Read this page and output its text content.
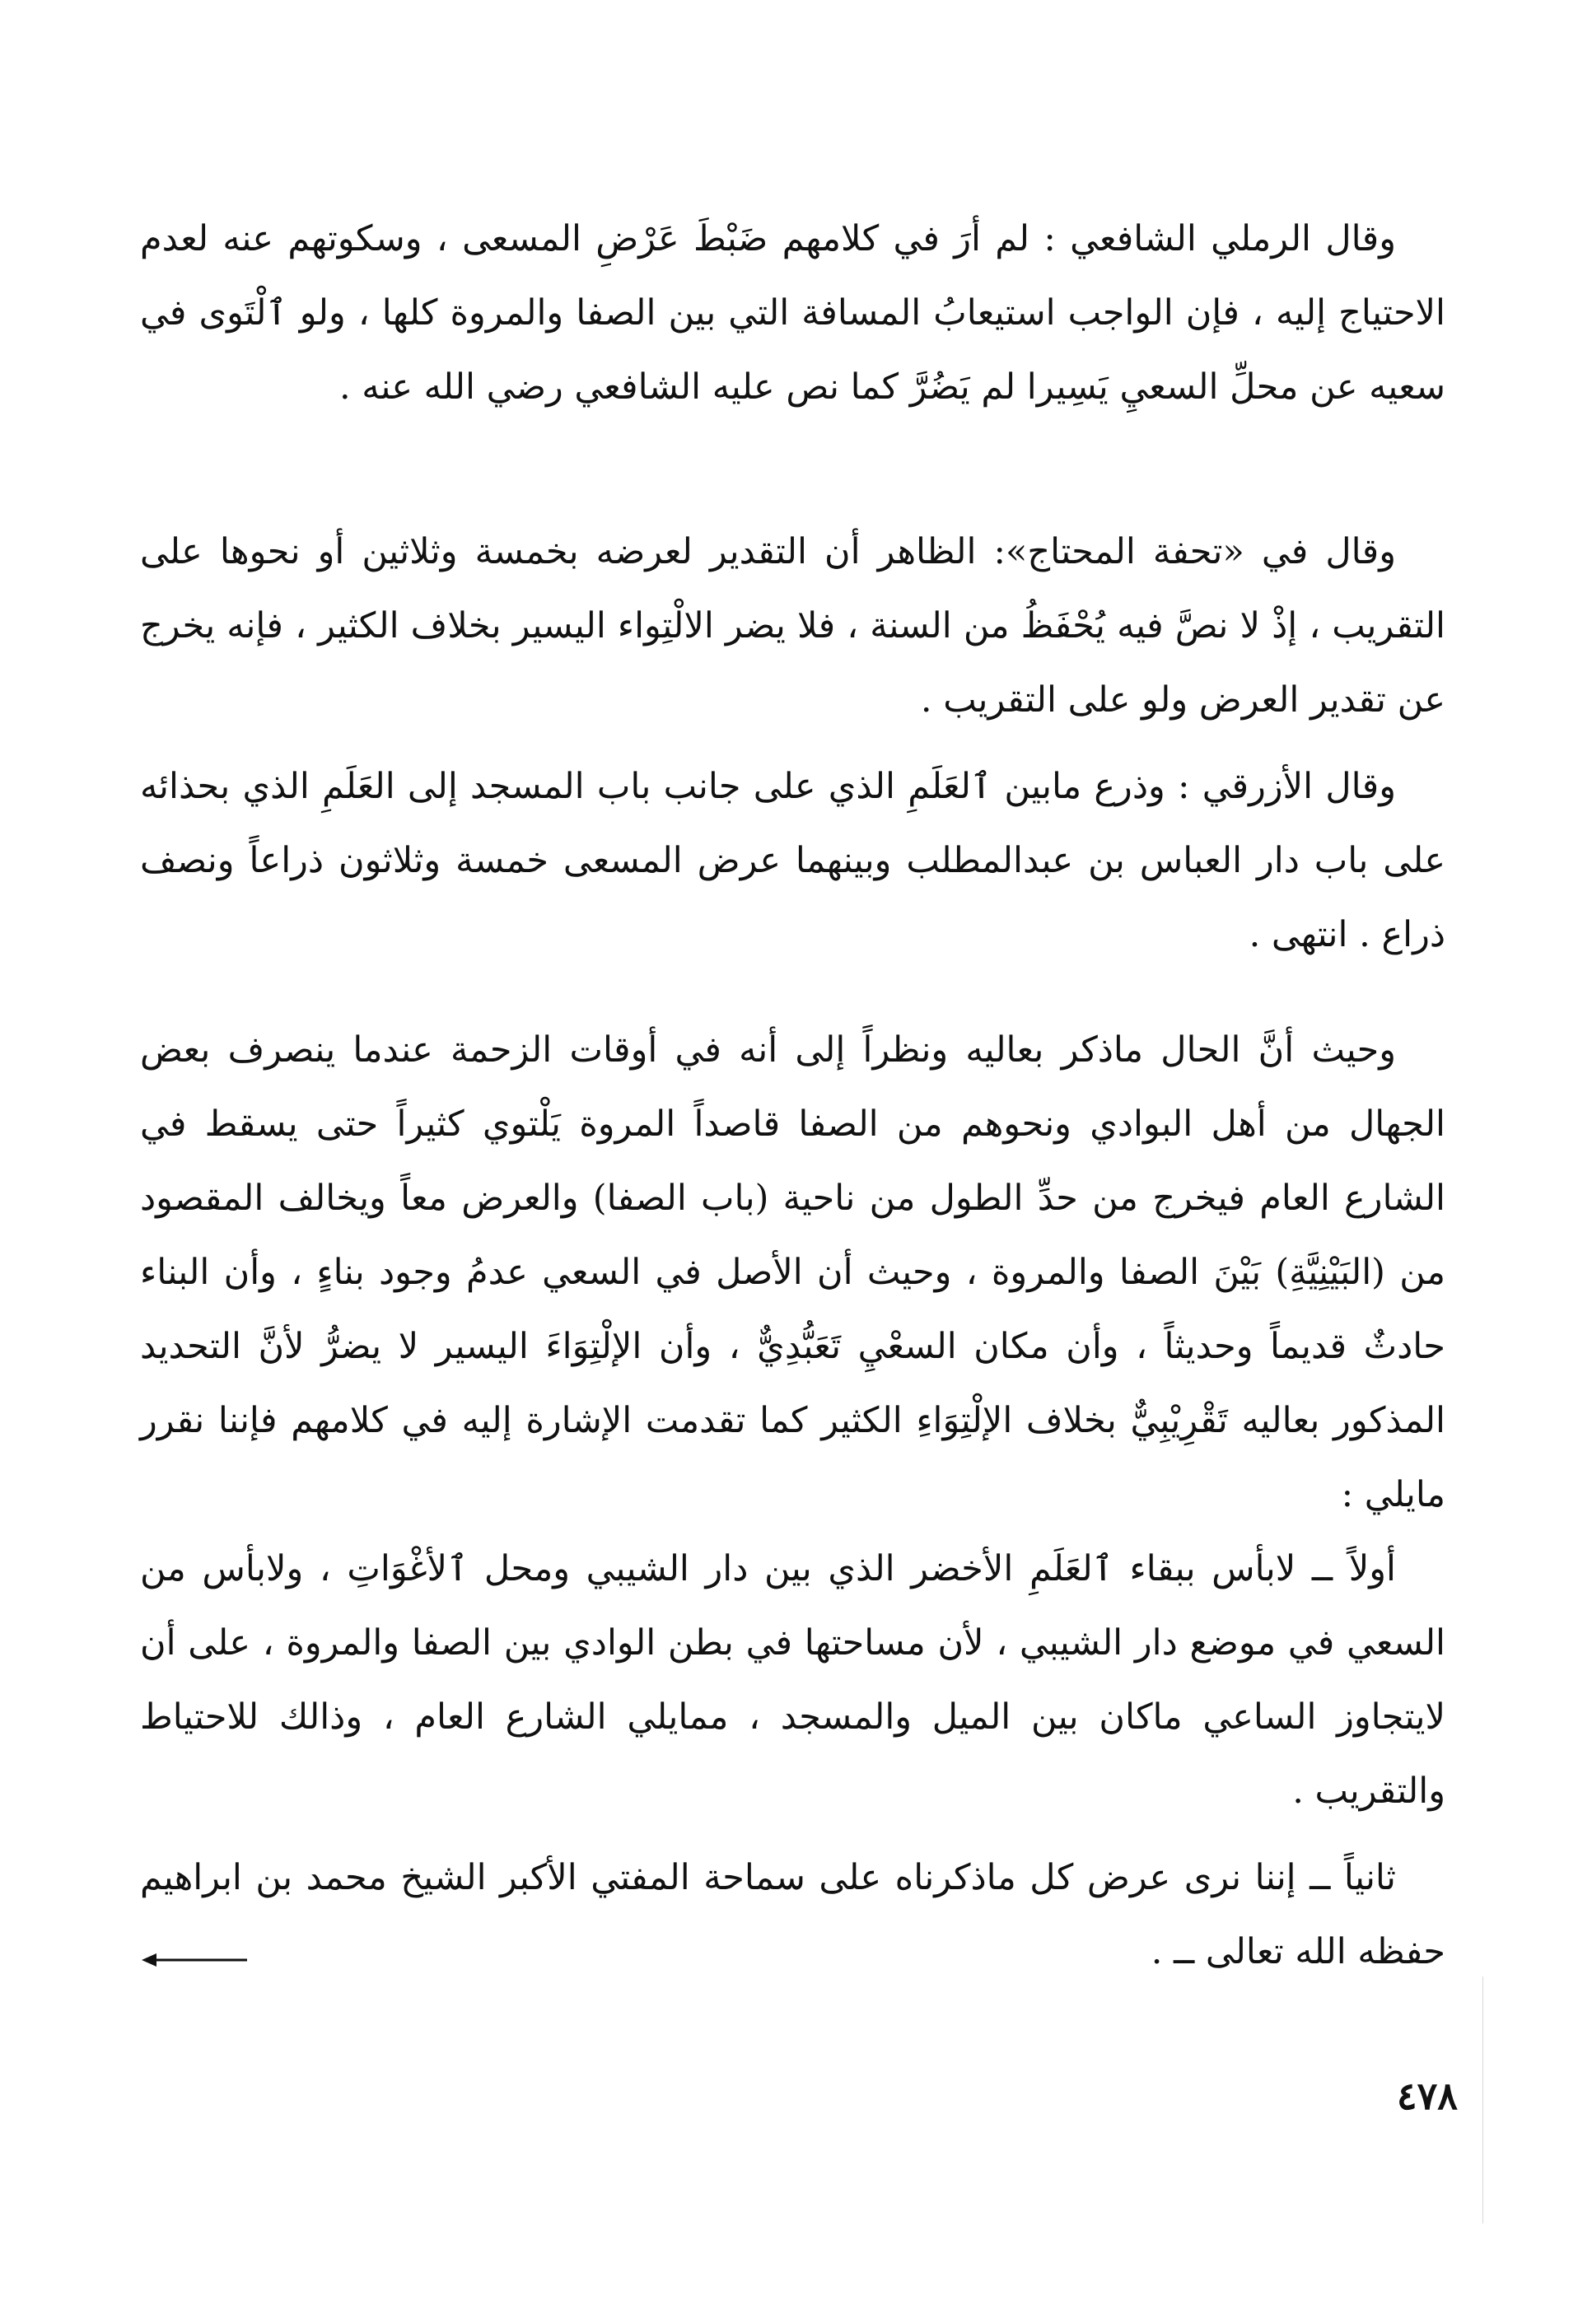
وقال الرملي الشافعي : لم أرَ في كلامهم ضَبْطَ عَرْضِ المسعى ، وسكوتهم عنه لعدم الاحتياج إليه ، فإن الواجب استيعابُ المسافة التي بين الصفا والمروة كلها ، ولو ٱلْتَوى في سعيه عن محلِّ السعيِ يَسِيرا لم يَضُرَّ كما نص عليه الشافعي رضي الله عنه .

وقال في «تحفة المحتاج»: الظاهر أن التقدير لعرضه بخمسة وثلاثين أو نحوها على التقريب ، إذْ لا نصَّ فيه يُحْفَظُ من السنة ، فلا يضر الالْتِواء اليسير بخلاف الكثير ، فإنه يخرج عن تقدير العرض ولو على التقريب .

وقال الأزرقي : وذرع مابين ٱلعَلَمِ الذي على جانب باب المسجد إلى العَلَمِ الذي بحذائه على باب دار العباس بن عبدالمطلب وبينهما عرض المسعى خمسة وثلاثون ذراعاً ونصف ذراع . انتهى .

وحيث أنَّ الحال ماذكر بعاليه ونظراً إلى أنه في أوقات الزحمة عندما ينصرف بعض الجهال من أهل البوادي ونحوهم من الصفا قاصداً المروة يَلْتوي كثيراً حتى يسقط في الشارع العام فيخرج من حدِّ الطول من ناحية (باب الصفا) والعرض معاً ويخالف المقصود من (البَيْنِيَّةِ) بَيْنَ الصفا والمروة ، وحيث أن الأصل في السعي عدمُ وجود بناءٍ ، وأن البناء حادثٌ قديماً وحديثاً ، وأن مكان السعْيِ تَعَبُّدِيٌّ ، وأن الإلْتِوَاءَ اليسير لا يضرُّ لأنَّ التحديد المذكور بعاليه تَقْرِيْبِيٌّ بخلاف الإلْتِوَاءِ الكثير كما تقدمت الإشارة إليه في كلامهم فإننا نقرر مايلي :

أولاً ــ لابأس ببقاء ٱلعَلَمِ الأخضر الذي بين دار الشيبي ومحل ٱلأغْوَاتِ ، ولابأس من السعي في موضع دار الشيبي ، لأن مساحتها في بطن الوادي بين الصفا والمروة ، على أن لايتجاوز الساعي ماكان بين الميل والمسجد ، ممايلي الشارع العام ، وذالك للاحتياط والتقريب .

ثانياً ــ إننا نرى عرض كل ماذكرناه على سماحة المفتي الأكبر الشيخ محمد بن ابراهيم حفظه الله تعالى ــ .

٤٧٨
